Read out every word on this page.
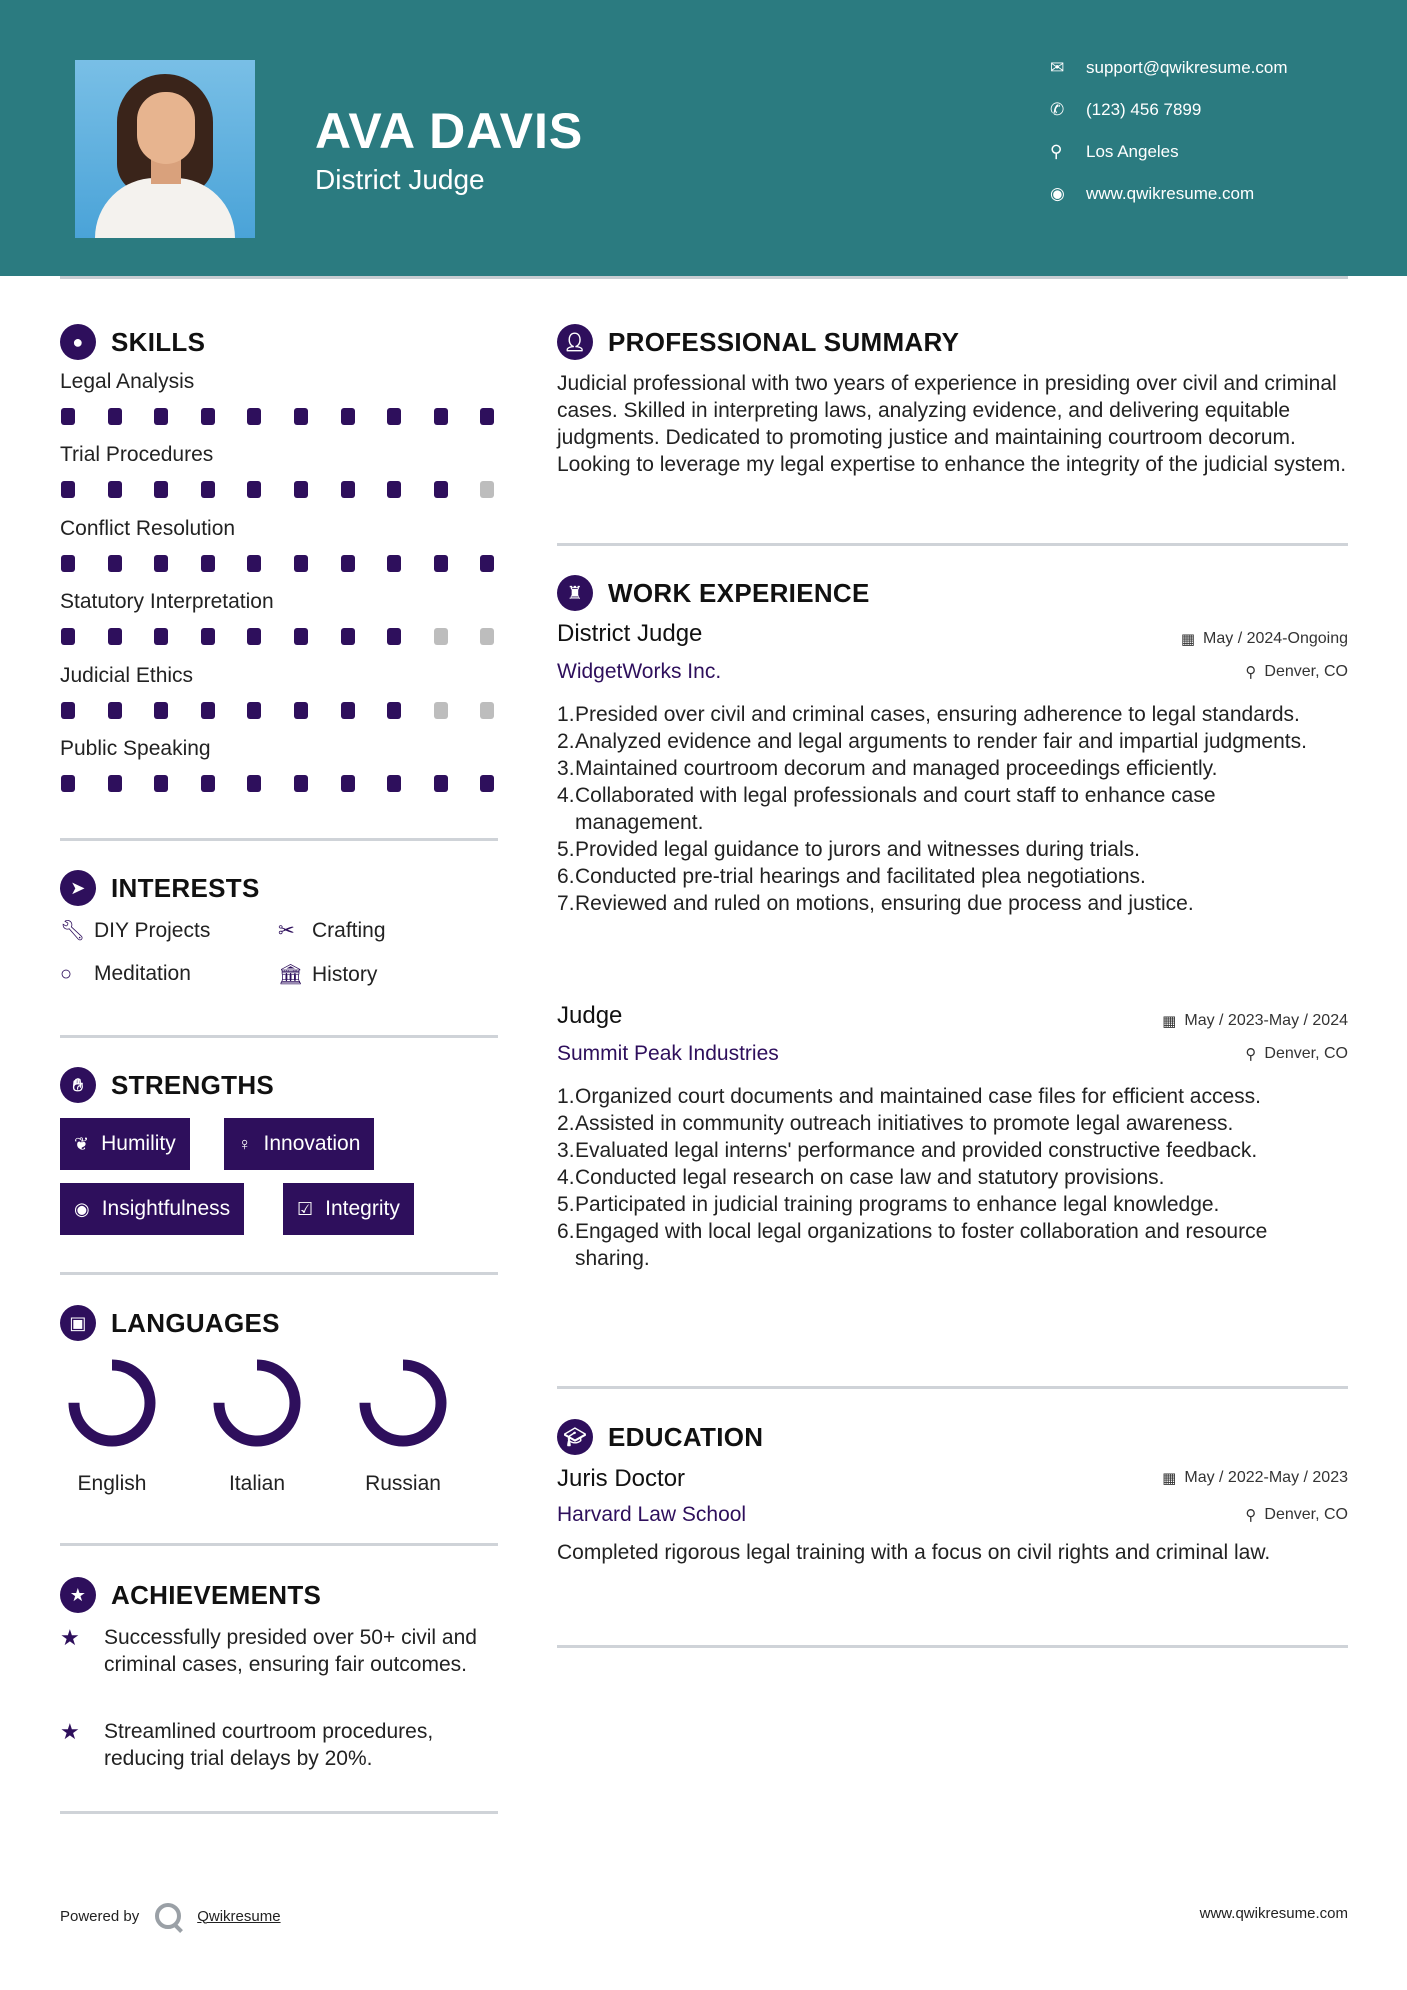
AVA DAVIS
District Judge
✉	support@qwikresume.com
✆	(123) 456 7899
⚲	Los Angeles
◉	www.qwikresume.com
●	SKILLS
Legal Analysis
Trial Procedures
Conflict Resolution
Statutory Interpretation
Judicial Ethics
Public Speaking
➤ INTERESTS
🔧︎ DIY Projects	✂ Crafting
○	Meditation	🏛︎ History
✋︎	STRENGTHS
❦ Humility	♀ Innovation
◉ Insightfulness	☑ Integrity
▣ LANGUAGES
English	Italian	Russian
★ ACHIEVEMENTS
★	Successfully presided over 50+ civil and criminal cases, ensuring fair outcomes.
★	Streamlined courtroom procedures, reducing trial delays by 20%.
👤︎ PROFESSIONAL SUMMARY
Judicial professional with two years of experience in presiding over civil and criminal cases. Skilled in interpreting laws, analyzing evidence, and delivering equitable judgments. Dedicated to promoting justice and maintaining courtroom decorum. Looking to leverage my legal expertise to enhance the integrity of the judicial system.
♜ WORK EXPERIENCE
District Judge	▦ May / 2024-Ongoing
WidgetWorks Inc.	⚲ Denver, CO
Presided over civil and criminal cases, ensuring adherence to legal standards.
Analyzed evidence and legal arguments to render fair and impartial judgments.
Maintained courtroom decorum and managed proceedings efficiently.
Collaborated with legal professionals and court staff to enhance case management.
Provided legal guidance to jurors and witnesses during trials.
Conducted pre-trial hearings and facilitated plea negotiations.
Reviewed and ruled on motions, ensuring due process and justice.
Judge	▦ May / 2023-May / 2024
Summit Peak Industries	⚲ Denver, CO
Organized court documents and maintained case files for efficient access.
Assisted in community outreach initiatives to promote legal awareness.
Evaluated legal interns' performance and provided constructive feedback.
Conducted legal research on case law and statutory provisions.
Participated in judicial training programs to enhance legal knowledge.
Engaged with local legal organizations to foster collaboration and resource sharing.
🎓︎ EDUCATION
Juris Doctor	▦ May / 2022-May / 2023
Harvard Law School	⚲ Denver, CO
Completed rigorous legal training with a focus on civil rights and criminal law.
Powered by	Qwikresume	www.qwikresume.com
